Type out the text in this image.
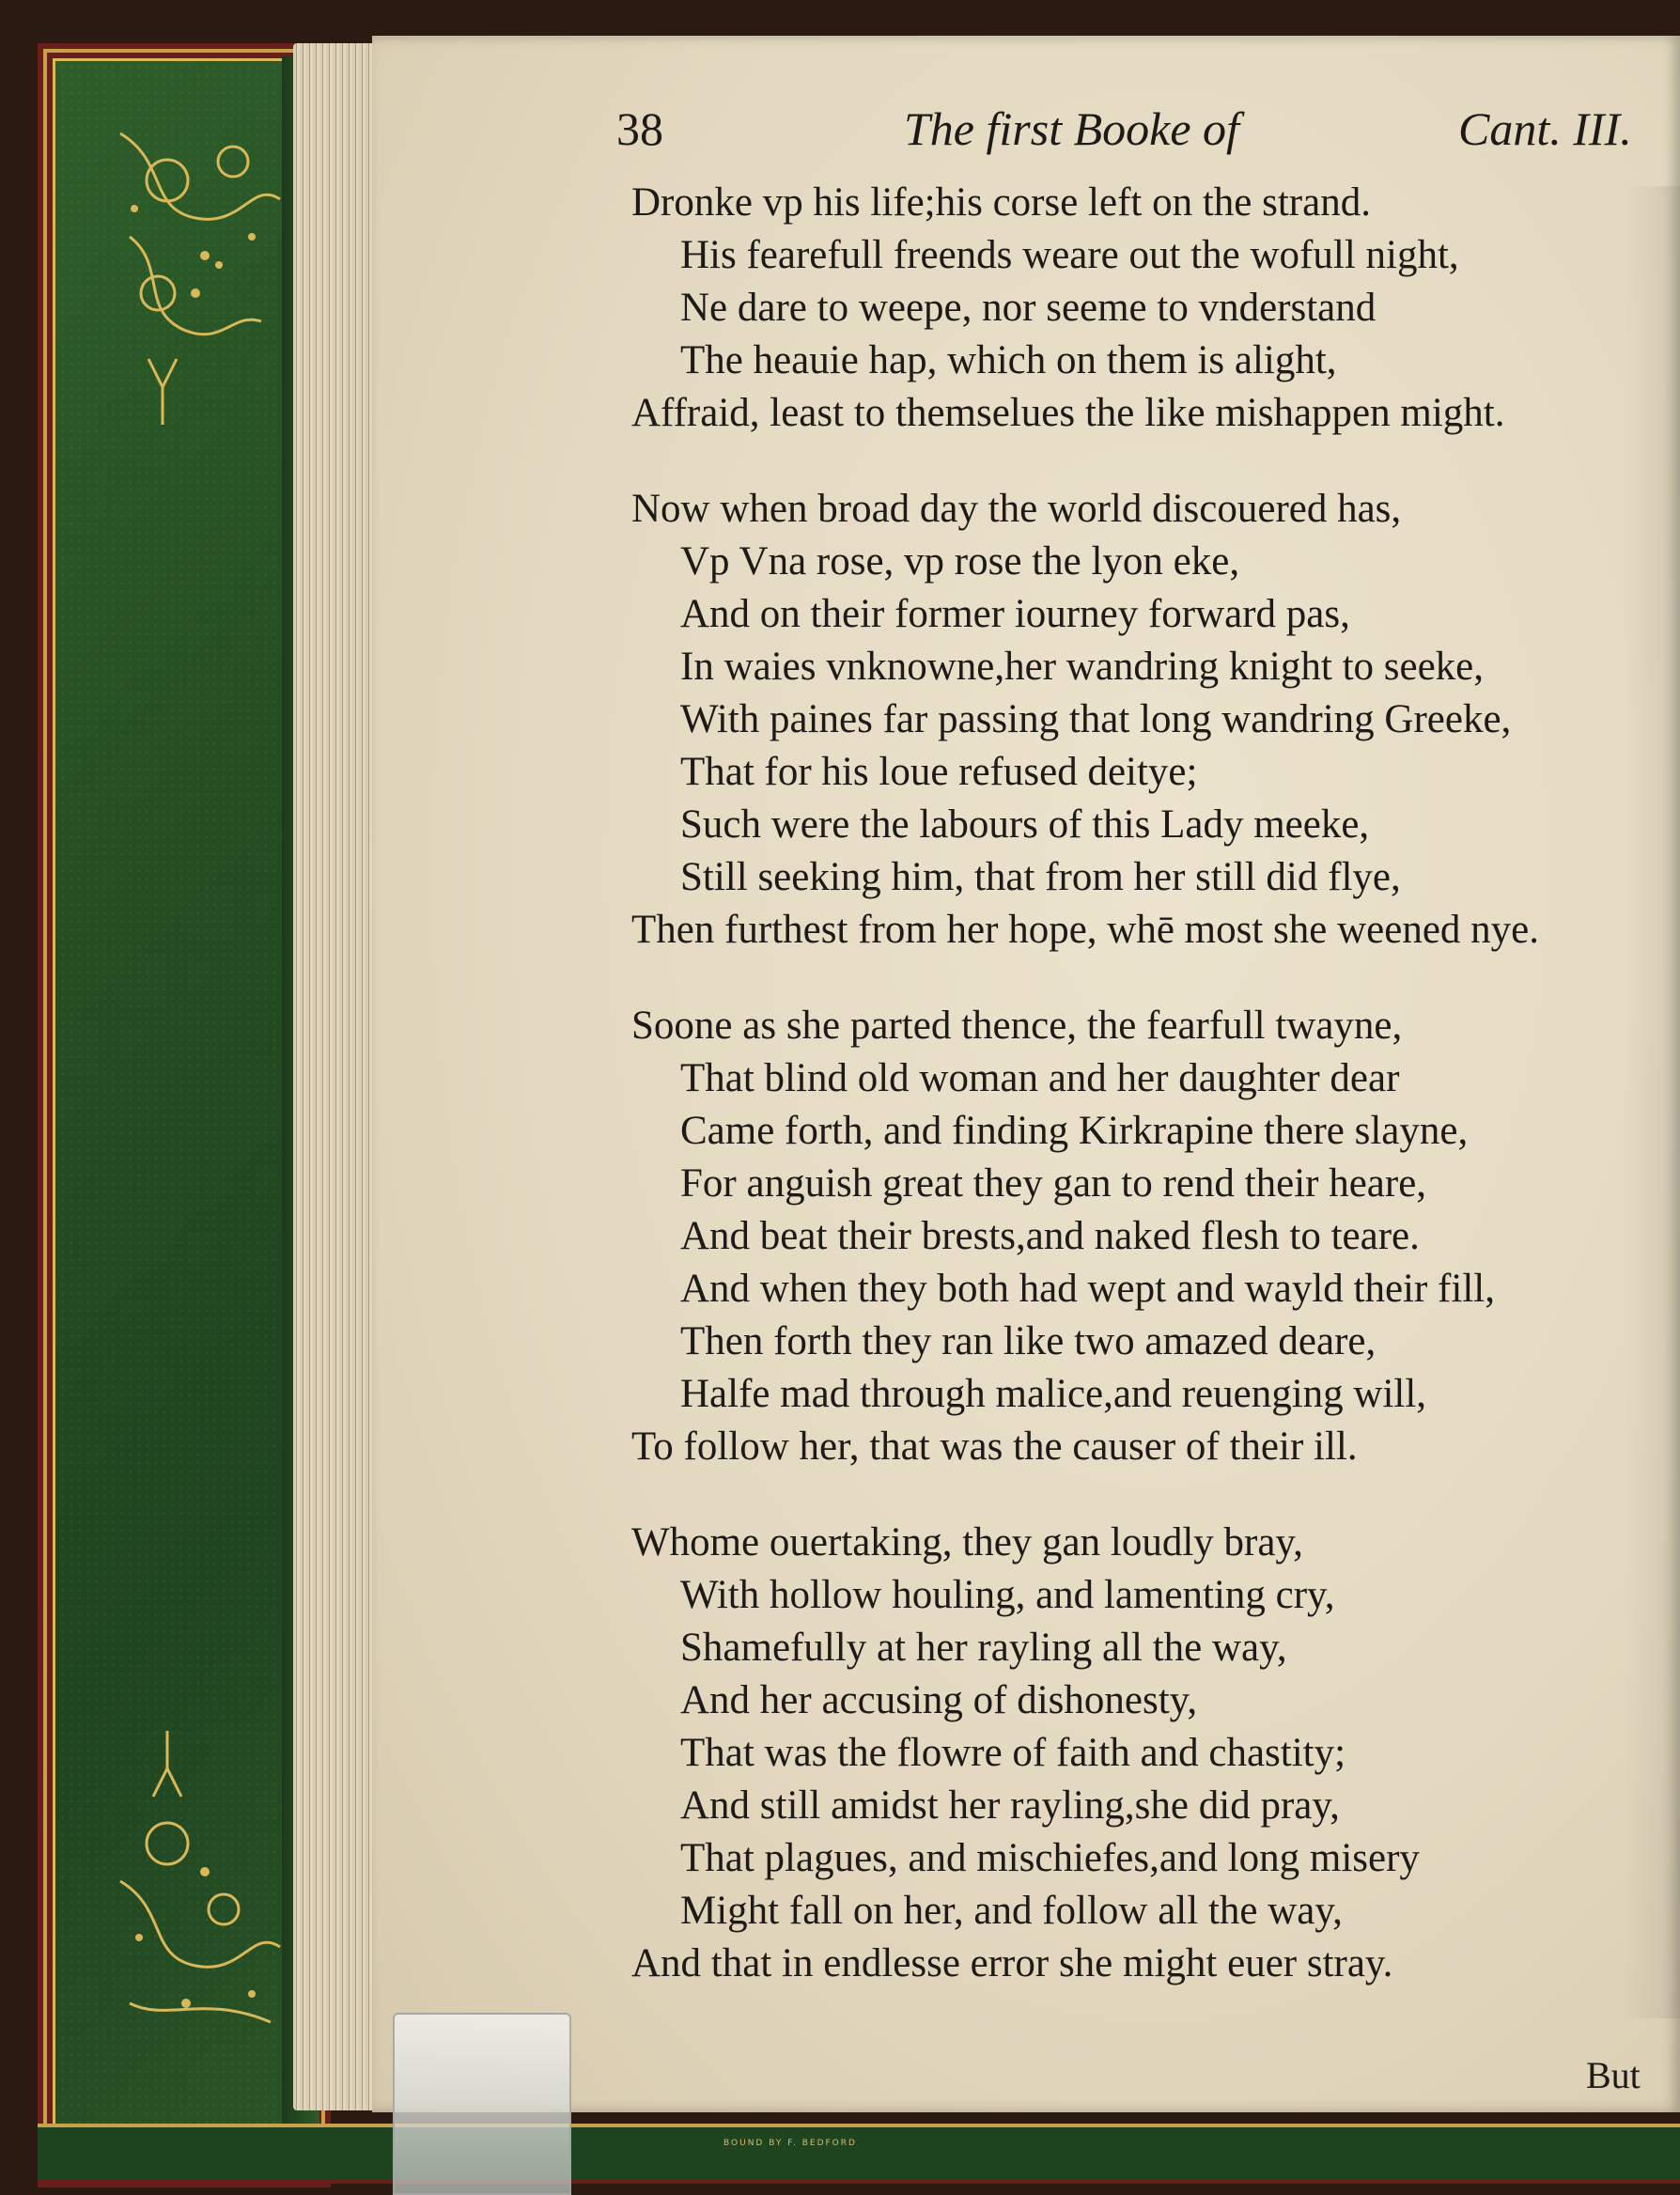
BOUND BY F. BEDFORD
38	The first Booke of	Cant. III.
Dronke vp his life;his corse left on the strand.
His fearefull freends weare out the wofull night,
Ne dare to weepe, nor seeme to vnderstand
The heauie hap, which on them is alight,
Affraid, least to themselues the like mishappen might.
Now when broad day the world discouered has,
Vp Vna rose, vp rose the lyon eke,
And on their former iourney forward pas,
In waies vnknowne,her wandring knight to seeke,
With paines far passing that long wandring Greeke,
That for his loue refused deitye;
Such were the labours of this Lady meeke,
Still seeking him, that from her still did flye,
Then furthest from her hope, whē most she weened nye.
Soone as she parted thence, the fearfull twayne,
That blind old woman and her daughter dear
Came forth, and finding Kirkrapine there slayne,
For anguish great they gan to rend their heare,
And beat their brests,and naked flesh to teare.
And when they both had wept and wayld their fill,
Then forth they ran like two amazed deare,
Halfe mad through malice,and reuenging will,
To follow her, that was the causer of their ill.
Whome ouertaking, they gan loudly bray,
With hollow houling, and lamenting cry,
Shamefully at her rayling all the way,
And her accusing of dishonesty,
That was the flowre of faith and chastity;
And still amidst her rayling,she did pray,
That plagues, and mischiefes,and long misery
Might fall on her, and follow all the way,
And that in endlesse error she might euer stray.
But
